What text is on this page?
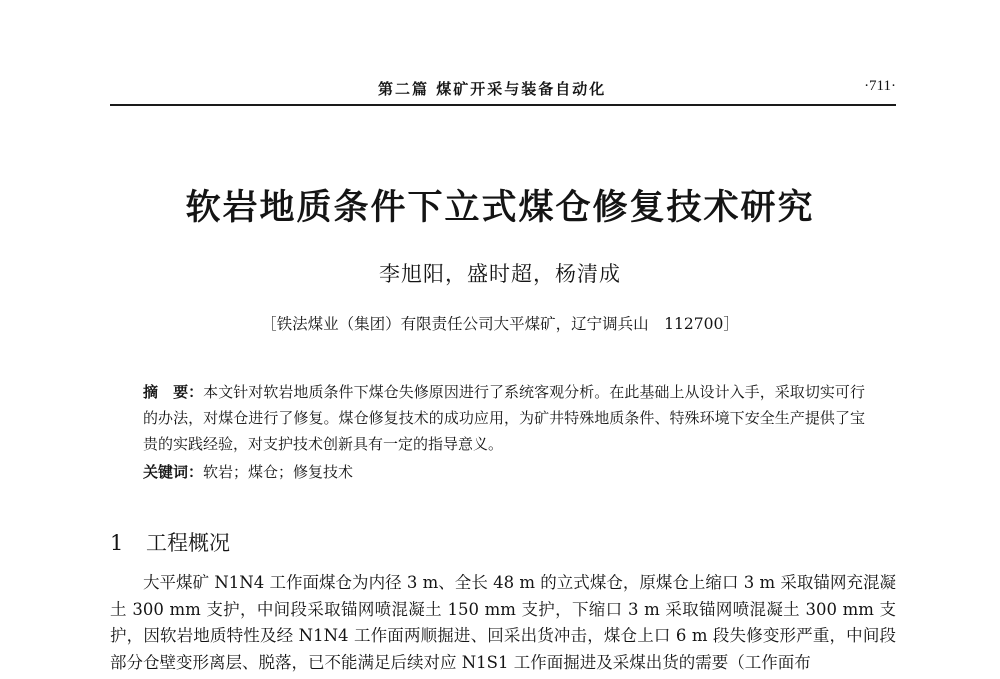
第二篇 煤矿开采与装备自动化	·711·
软岩地质条件下立式煤仓修复技术研究
李旭阳，盛时超，杨清成
［铁法煤业（集团）有限责任公司大平煤矿，辽宁调兵山　112700］
摘　要：本文针对软岩地质条件下煤仓失修原因进行了系统客观分析。在此基础上从设计入手，采取切实可行的办法，对煤仓进行了修复。煤仓修复技术的成功应用，为矿井特殊地质条件、特殊环境下安全生产提供了宝贵的实践经验，对支护技术创新具有一定的指导意义。
关键词：软岩；煤仓；修复技术
1 工程概况
大平煤矿 N1N4 工作面煤仓为内径 3 m、全长 48 m 的立式煤仓，原煤仓上缩口 3 m 采取锚网充混凝土 300 mm 支护，中间段采取锚网喷混凝土 150 mm 支护，下缩口 3 m 采取锚网喷混凝土 300 mm 支护，因软岩地质特性及经 N1N4 工作面两顺掘进、回采出货冲击，煤仓上口 6 m 段失修变形严重，中间段部分仓壁变形离层、脱落，已不能满足后续对应 N1S1 工作面掘进及采煤出货的需要（工作面布
